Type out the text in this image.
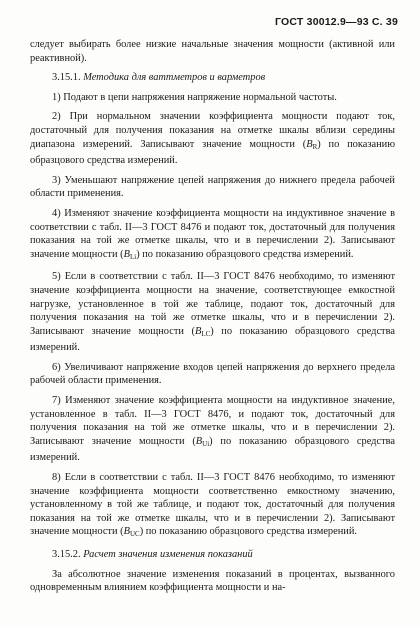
ГОСТ 30012.9—93 С. 39

следует выбирать более низкие начальные значения мощности (активной или реактивной).

3.15.1. Методика для ваттметров и варметров

1) Подают в цепи напряжения напряжение нормальной частоты.

2) При нормальном значении коэффициента мощности подают ток, достаточный для получения показания на отметке шкалы вблизи середины диапазона измерений. Записывают значение мощности $(B_R)$ по показанию образцового средства измерений.

3) Уменьшают напряжение цепей напряжения до нижнего предела рабочей области применения.

4) Изменяют значение коэффициента мощности на индуктивное значение в соответствии с табл. II—3 ГОСТ 8476 и подают ток, достаточный для получения показания на той же отметке шкалы, что и в перечислении 2). Записывают значение мощности $(B_{Li})$ по показанию образцового средства измерений.

5) Если в соответствии с табл. II—3 ГОСТ 8476 необходимо, то изменяют значение коэффициента мощности на значение, соответствующее емкостной нагрузке, установленное в той же таблице, подают ток, достаточный для получения показания на той же отметке шкалы, что и в перечислении 2). Записывают значение мощности $(B_{LC})$ по показанию образцового средства измерений.

6) Увеличивают напряжение входов цепей напряжения до верхнего предела рабочей области применения.

7) Изменяют значение коэффициента мощности на индуктивное значение, установленное в табл. II—3 ГОСТ 8476, и подают ток, достаточный для получения показания на той же отметке шкалы, что и в перечислении 2). Записывают значение мощности $(B_{Ui})$ по показанию образцового средства измерений.

8) Если в соответствии с табл. II—3 ГОСТ 8476 необходимо, то изменяют значение коэффициента мощности соответственно емкостному значению, установленному в той же таблице, и подают ток, достаточный для получения показания на той же отметке шкалы, что и в перечислении 2). Записывают значение мощности $(B_{UC})$ по показанию образцового средства измерений.

3.15.2. Расчет значения изменения показаний

За абсолютное значение изменения показаний в процентах, вызванного одновременным влиянием коэффициента мощности и на-
